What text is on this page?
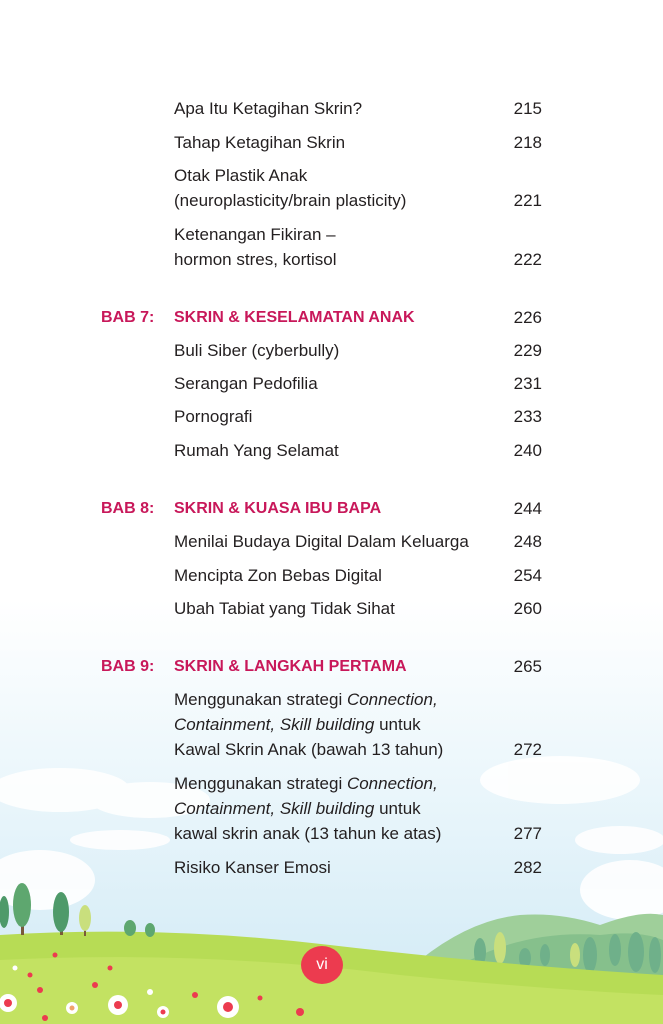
Apa Itu Ketagihan Skrin?	215
Tahap Ketagihan Skrin	218
Otak Plastik Anak
(neuroplasticity/brain plasticity)	221
Ketenangan Fikiran –
hormon stres, kortisol	222
BAB 7: SKRIN & KESELAMATAN ANAK	226
Buli Siber (cyberbully)	229
Serangan Pedofilia	231
Pornografi	233
Rumah Yang Selamat	240
BAB 8: SKRIN & KUASA IBU BAPA	244
Menilai Budaya Digital Dalam Keluarga	248
Mencipta Zon Bebas Digital	254
Ubah Tabiat yang Tidak Sihat	260
BAB 9: SKRIN & LANGKAH PERTAMA	265
Menggunakan strategi Connection,
Containment, Skill building untuk
Kawal Skrin Anak (bawah 13 tahun)	272
Menggunakan strategi Connection,
Containment, Skill building untuk
kawal skrin anak (13 tahun ke atas)	277
Risiko Kanser Emosi	282
vi
